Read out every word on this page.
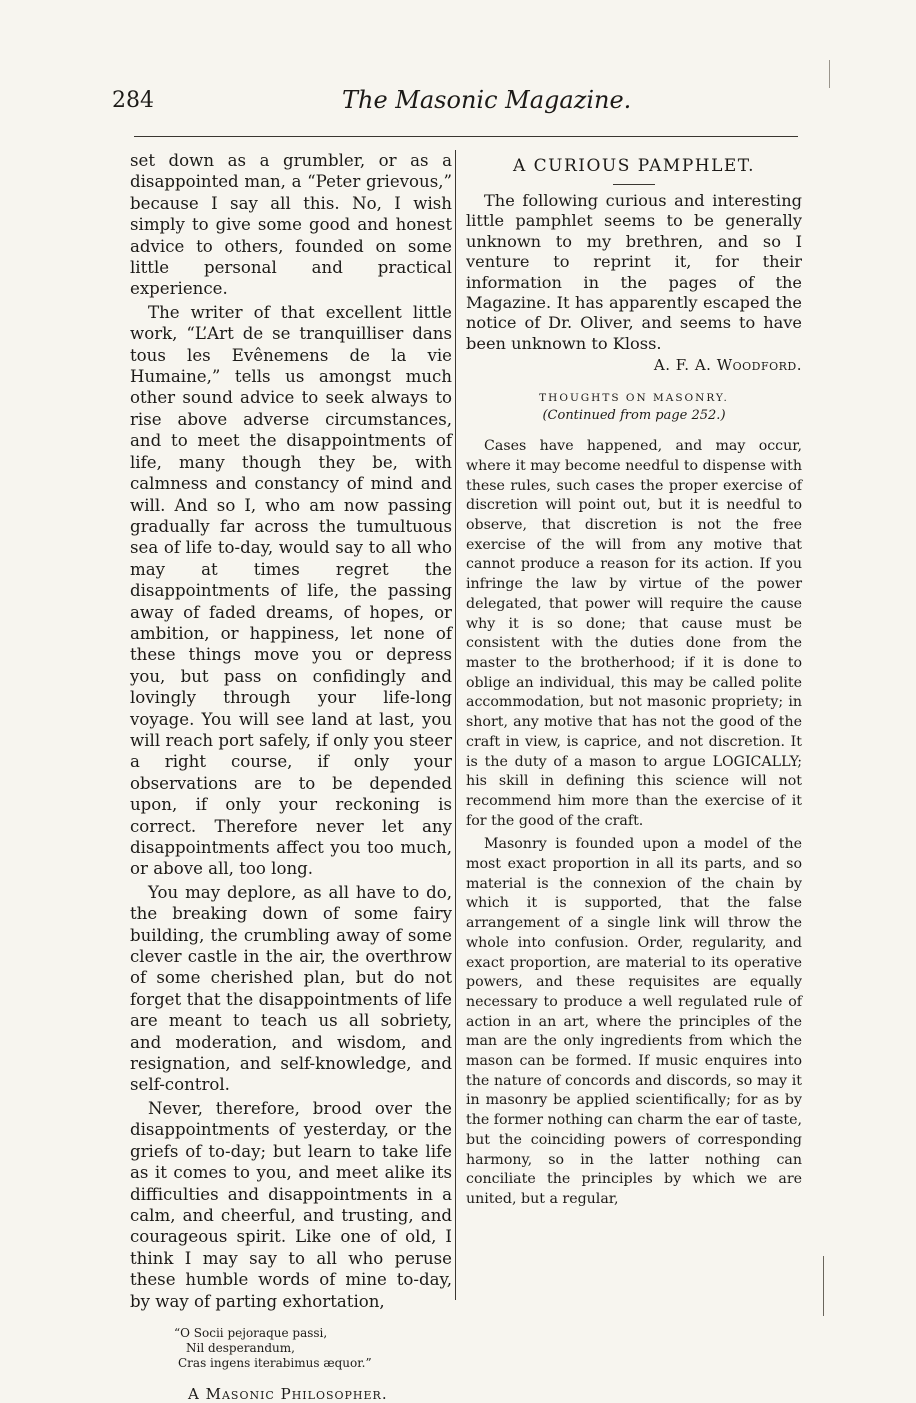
284	The Masonic Magazine.

set down as a grumbler, or as a disappointed man, a “Peter grievous,” because I say all this. No, I wish simply to give some good and honest advice to others, founded on some little personal and practical experience.

The writer of that excellent little work, “L’Art de se tranquilliser dans tous les Evênemens de la vie Humaine,” tells us amongst much other sound advice to seek always to rise above adverse circumstances, and to meet the disappointments of life, many though they be, with calmness and constancy of mind and will. And so I, who am now passing gradually far across the tumultuous sea of life to-day, would say to all who may at times regret the disappointments of life, the passing away of faded dreams, of hopes, or ambition, or happiness, let none of these things move you or depress you, but pass on confidingly and lovingly through your life-long voyage. You will see land at last, you will reach port safely, if only you steer a right course, if only your observations are to be depended upon, if only your reckoning is correct. Therefore never let any disappointments affect you too much, or above all, too long.

You may deplore, as all have to do, the breaking down of some fairy building, the crumbling away of some clever castle in the air, the overthrow of some cherished plan, but do not forget that the disappointments of life are meant to teach us all sobriety, and moderation, and wisdom, and resignation, and self-knowledge, and self-control.

Never, therefore, brood over the disappointments of yesterday, or the griefs of to-day; but learn to take life as it comes to you, and meet alike its difficulties and disappointments in a calm, and cheerful, and trusting, and courageous spirit. Like one of old, I think I may say to all who peruse these humble words of mine to-day, by way of parting exhortation,

“O Socii pejoraque passi,
Nil desperandum,
Cras ingens iterabimus æquor.”
A Masonic Philosopher.
A CURIOUS PAMPHLET.

The following curious and interesting little pamphlet seems to be generally unknown to my brethren, and so I venture to reprint it, for their information in the pages of the Magazine. It has apparently escaped the notice of Dr. Oliver, and seems to have been unknown to Kloss.

A. F. A. Woodford.
THOUGHTS ON MASONRY.
(Continued from page 252.)

Cases have happened, and may occur, where it may become needful to dispense with these rules, such cases the proper exercise of discretion will point out, but it is needful to observe, that discretion is not the free exercise of the will from any motive that cannot produce a reason for its action. If you infringe the law by virtue of the power delegated, that power will require the cause why it is so done; that cause must be consistent with the duties done from the master to the brotherhood; if it is done to oblige an individual, this may be called polite accommodation, but not masonic propriety; in short, any motive that has not the good of the craft in view, is caprice, and not discretion. It is the duty of a mason to argue LOGICALLY; his skill in defining this science will not recommend him more than the exercise of it for the good of the craft.

Masonry is founded upon a model of the most exact proportion in all its parts, and so material is the connexion of the chain by which it is supported, that the false arrangement of a single link will throw the whole into confusion. Order, regularity, and exact proportion, are material to its operative powers, and these requisites are equally necessary to produce a well regulated rule of action in an art, where the principles of the man are the only ingredients from which the mason can be formed. If music enquires into the nature of concords and discords, so may it in masonry be applied scientifically; for as by the former nothing can charm the ear of taste, but the coinciding powers of corresponding harmony, so in the latter nothing can conciliate the principles by which we are united, but a regular,
